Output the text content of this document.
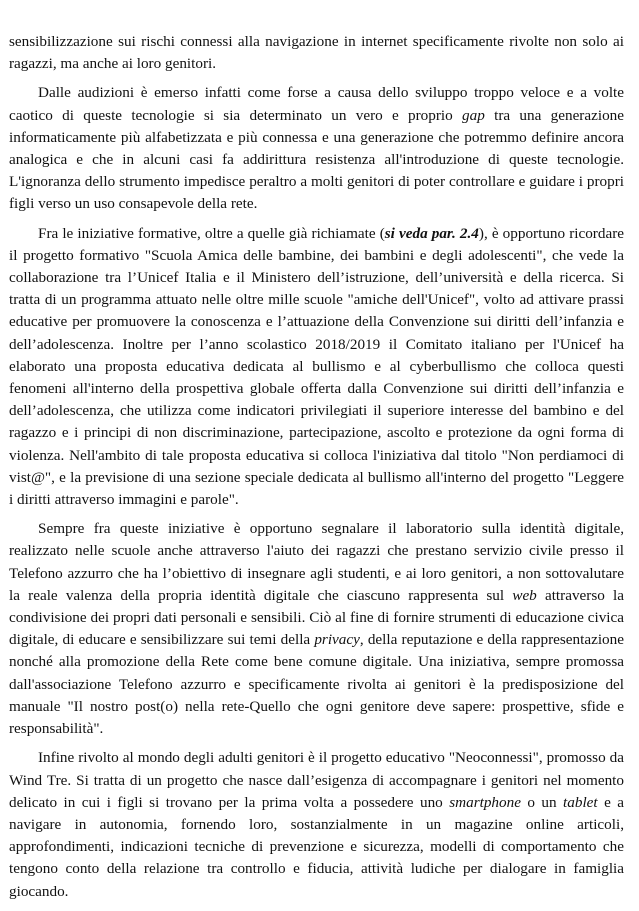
sensibilizzazione sui rischi connessi alla navigazione in internet specificamente rivolte non solo ai ragazzi, ma anche ai loro genitori.

Dalle audizioni è emerso infatti come forse a causa dello sviluppo troppo veloce e a volte caotico di queste tecnologie si sia determinato un vero e proprio gap tra una generazione informaticamente più alfabetizzata e più connessa e una generazione che potremmo definire ancora analogica e che in alcuni casi fa addirittura resistenza all'introduzione di queste tecnologie. L'ignoranza dello strumento impedisce peraltro a molti genitori di poter controllare e guidare i propri figli verso un uso consapevole della rete.

Fra le iniziative formative, oltre a quelle già richiamate (si veda par. 2.4), è opportuno ricordare il progetto formativo "Scuola Amica delle bambine, dei bambini e degli adolescenti", che vede la collaborazione tra l’Unicef Italia e il Ministero dell’istruzione, dell’università e della ricerca. Si tratta di un programma attuato nelle oltre mille scuole "amiche dell'Unicef", volto ad attivare prassi educative per promuovere la conoscenza e l’attuazione della Convenzione sui diritti dell’infanzia e dell’adolescenza. Inoltre per l’anno scolastico 2018/2019 il Comitato italiano per l'Unicef ha elaborato una proposta educativa dedicata al bullismo e al cyberbullismo che colloca questi fenomeni all'interno della prospettiva globale offerta dalla Convenzione sui diritti dell’infanzia e dell’adolescenza, che utilizza come indicatori privilegiati il superiore interesse del bambino e del ragazzo e i principi di non discriminazione, partecipazione, ascolto e protezione da ogni forma di violenza. Nell'ambito di tale proposta educativa si colloca l'iniziativa dal titolo "Non perdiamoci di vist@", e la previsione di una sezione speciale dedicata al bullismo all'interno del progetto "Leggere i diritti attraverso immagini e parole".

Sempre fra queste iniziative è opportuno segnalare il laboratorio sulla identità digitale, realizzato nelle scuole anche attraverso l'aiuto dei ragazzi che prestano servizio civile presso il Telefono azzurro che ha l’obiettivo di insegnare agli studenti, e ai loro genitori, a non sottovalutare la reale valenza della propria identità digitale che ciascuno rappresenta sul web attraverso la condivisione dei propri dati personali e sensibili. Ciò al fine di fornire strumenti di educazione civica digitale, di educare e sensibilizzare sui temi della privacy, della reputazione e della rappresentazione nonché alla promozione della Rete come bene comune digitale. Una iniziativa, sempre promossa dall'associazione Telefono azzurro e specificamente rivolta ai genitori è la predisposizione del manuale "Il nostro post(o) nella rete-Quello che ogni genitore deve sapere: prospettive, sfide e responsabilità".

Infine rivolto al mondo degli adulti genitori è il progetto educativo "Neoconnessi", promosso da Wind Tre. Si tratta di un progetto che nasce dall’esigenza di accompagnare i genitori nel momento delicato in cui i figli si trovano per la prima volta a possedere uno smartphone o un tablet e a navigare in autonomia, fornendo loro, sostanzialmente in un magazine online articoli, approfondimenti, indicazioni tecniche di prevenzione e sicurezza, modelli di comportamento che tengono conto della relazione tra controllo e fiducia, attività ludiche per dialogare in famiglia giocando.
